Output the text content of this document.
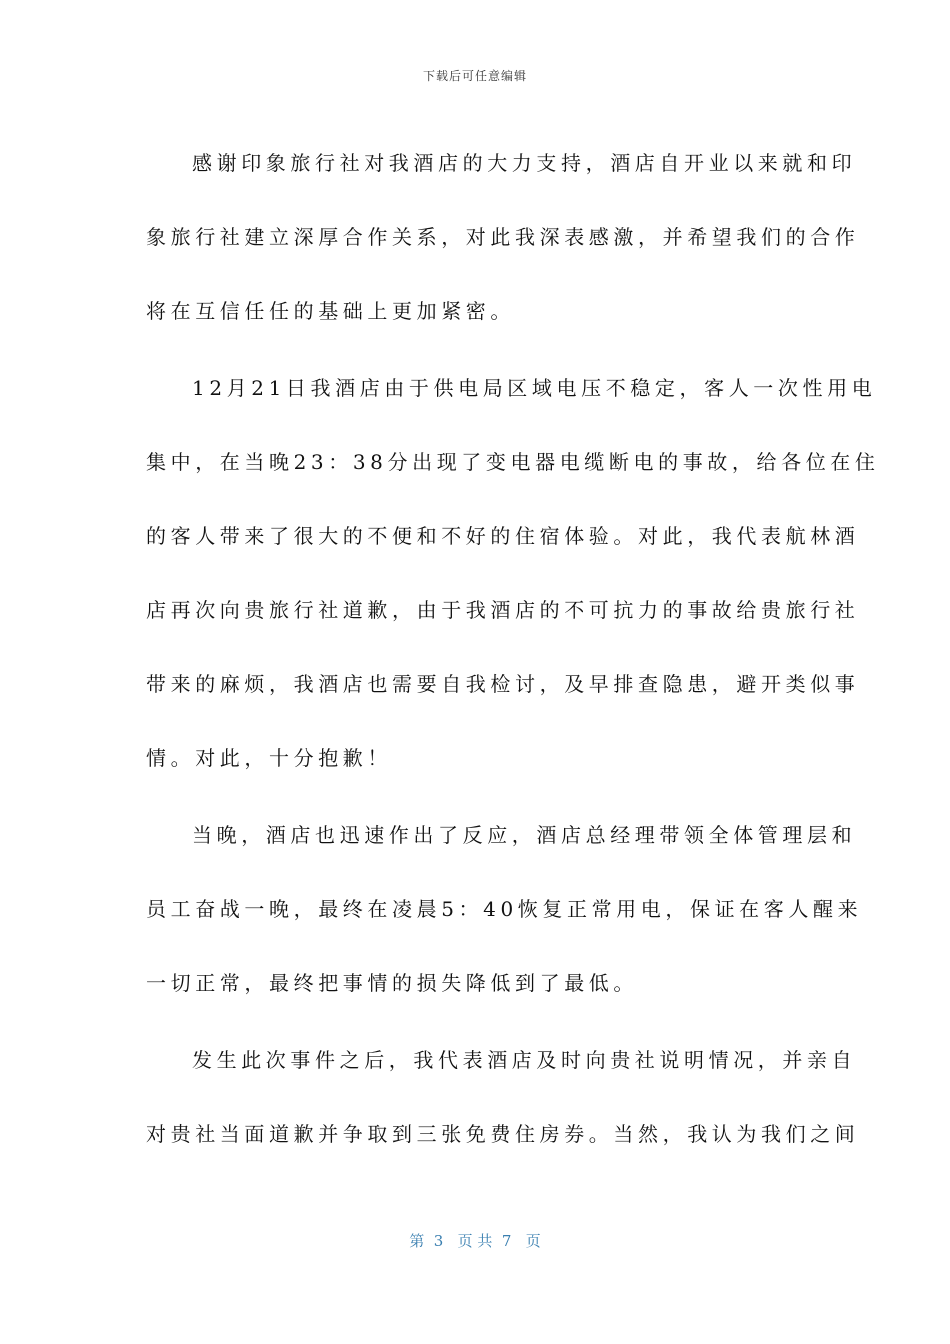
下载后可任意编辑
感谢印象旅行社对我酒店的大力支持，酒店自开业以来就和印
象旅行社建立深厚合作关系，对此我深表感激，并希望我们的合作
将在互信任任的基础上更加紧密。
12月21日我酒店由于供电局区域电压不稳定，客人一次性用电
集中，在当晚23：38分出现了变电器电缆断电的事故，给各位在住
的客人带来了很大的不便和不好的住宿体验。对此，我代表航林酒
店再次向贵旅行社道歉，由于我酒店的不可抗力的事故给贵旅行社
带来的麻烦，我酒店也需要自我检讨，及早排查隐患，避开类似事
情。对此，十分抱歉！
当晚，酒店也迅速作出了反应，酒店总经理带领全体管理层和
员工奋战一晚，最终在凌晨5：40恢复正常用电，保证在客人醒来
一切正常，最终把事情的损失降低到了最低。
发生此次事件之后，我代表酒店及时向贵社说明情况，并亲自
对贵社当面道歉并争取到三张免费住房券。当然，我认为我们之间
第  3   页 共  7   页
